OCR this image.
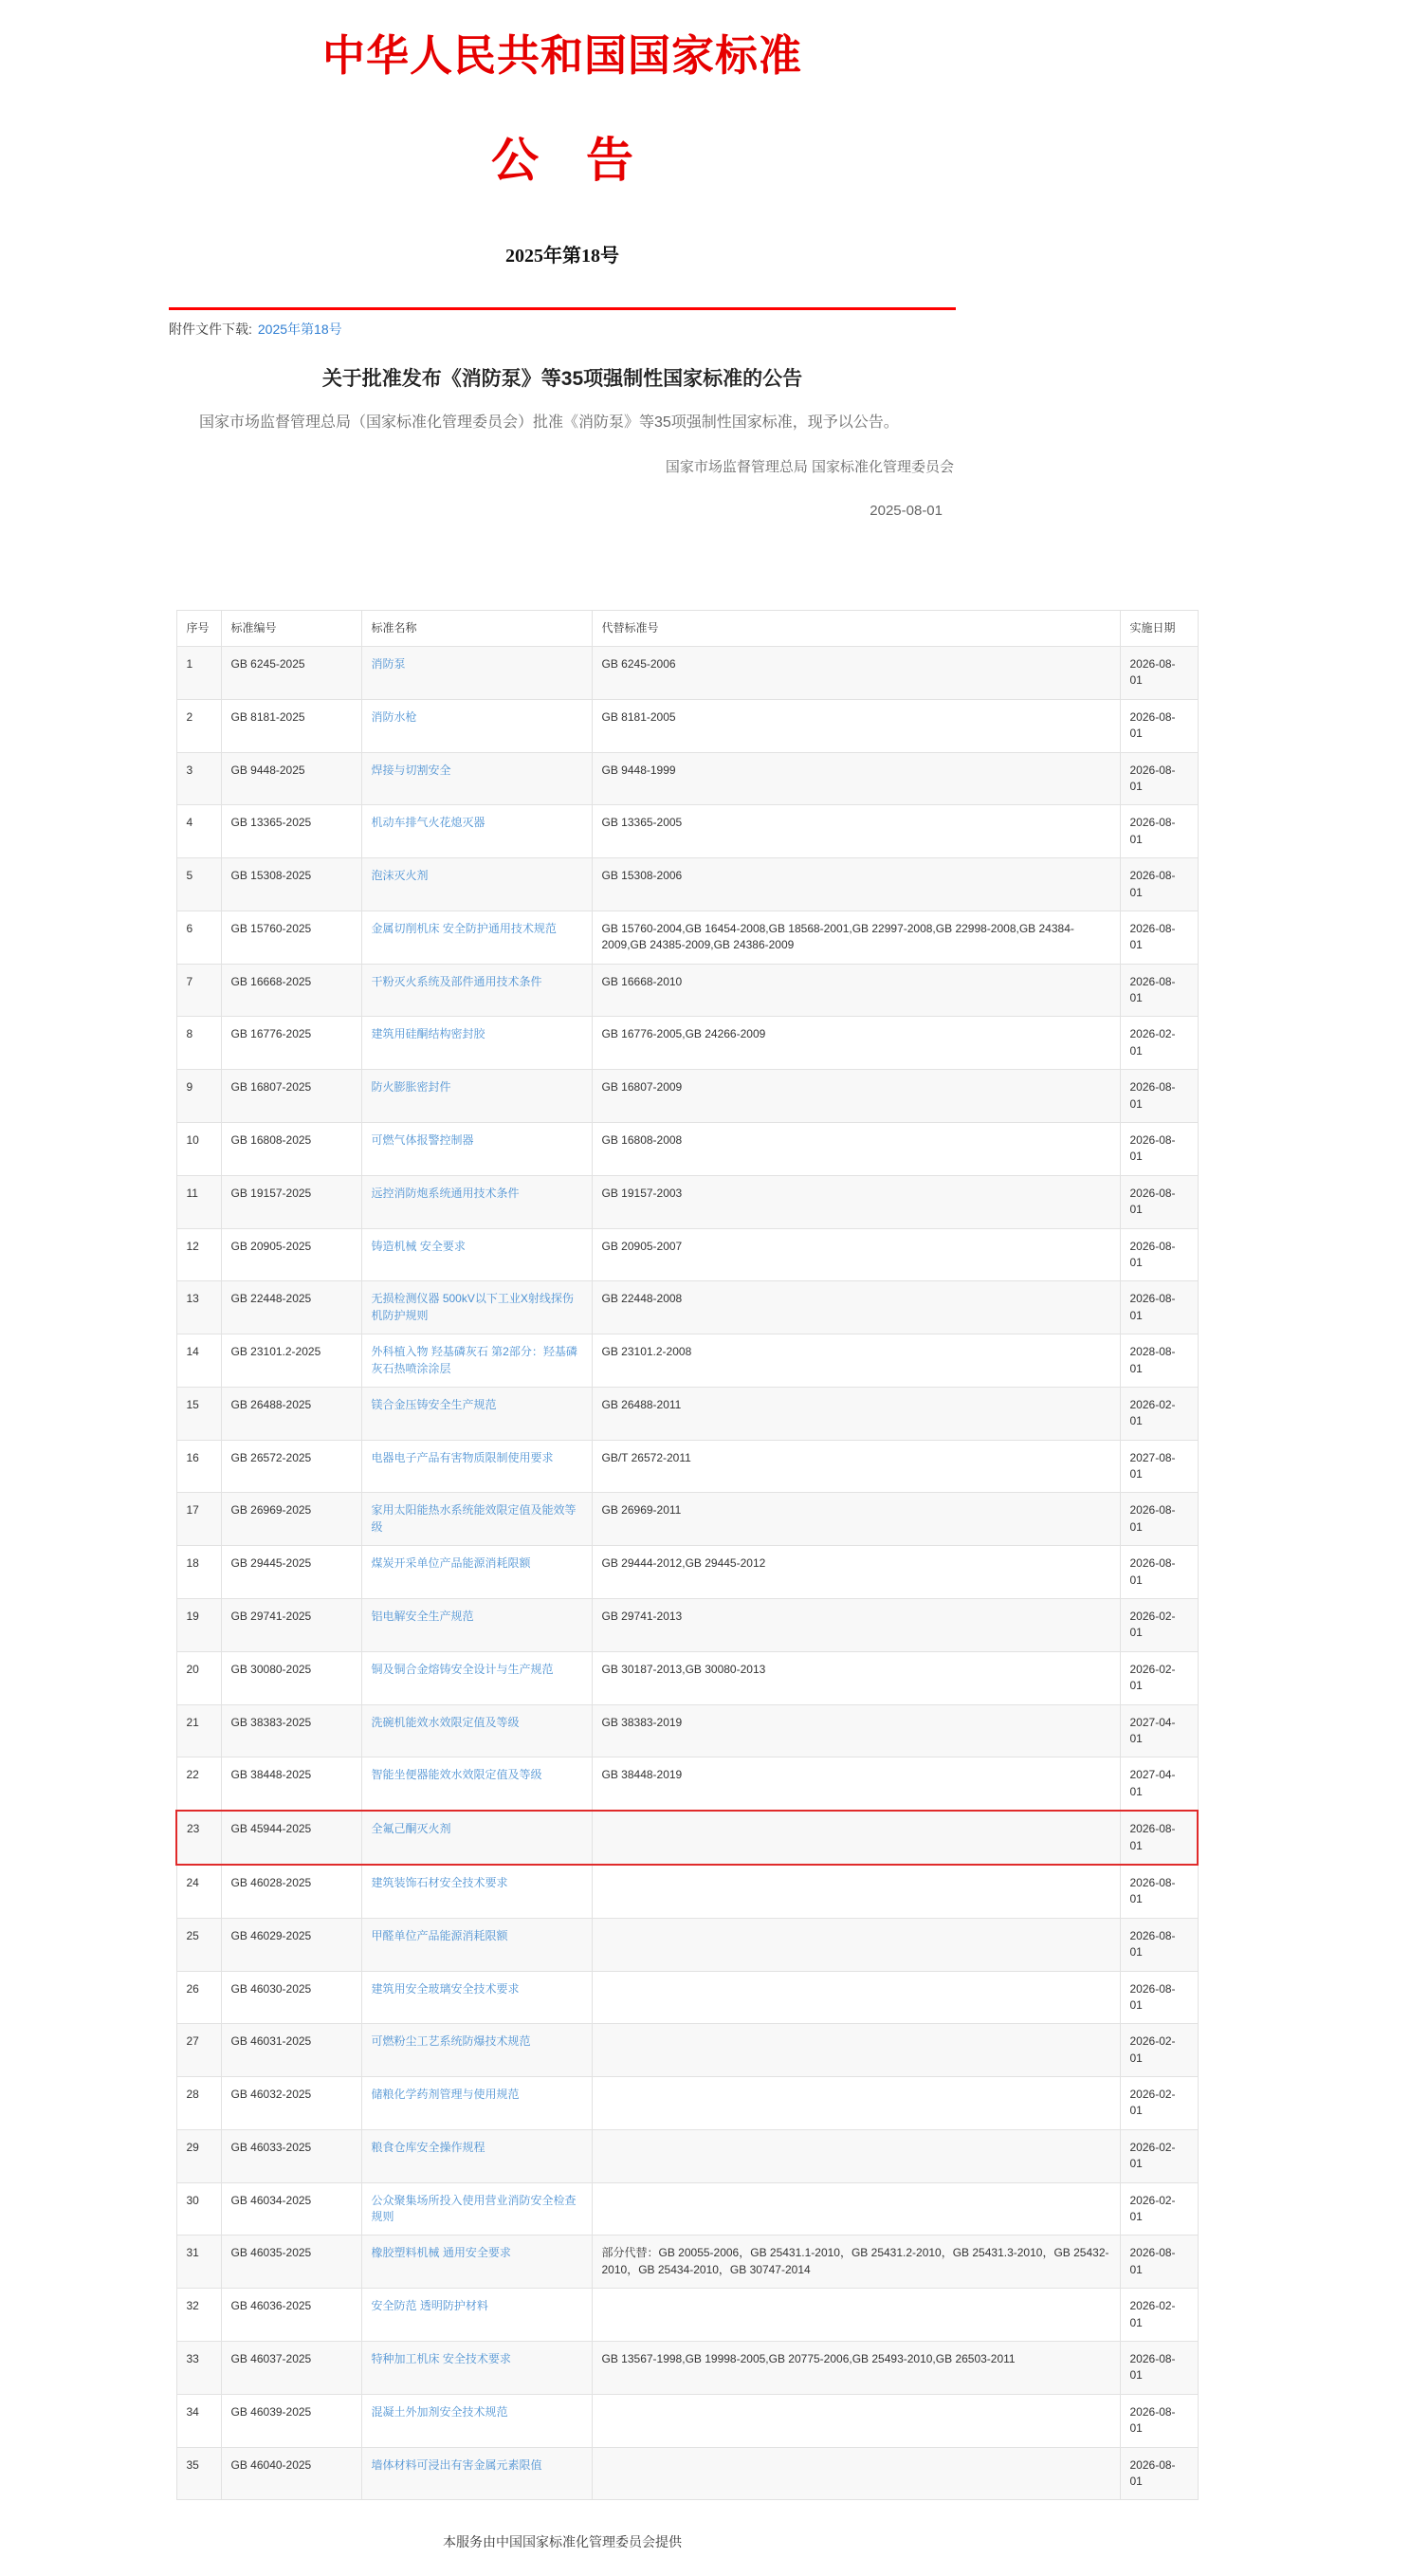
中华人民共和国国家标准
公　告
2025年第18号
附件文件下载: 2025年第18号
关于批准发布《消防泵》等35项强制性国家标准的公告
国家市场监督管理总局（国家标准化管理委员会）批准《消防泵》等35项强制性国家标准，现予以公告。
国家市场监督管理总局 国家标准化管理委员会
2025-08-01
序号	标准编号	标准名称	代替标准号	实施日期
1	GB 6245-2025	消防泵	GB 6245-2006	2026-08-01
2	GB 8181-2025	消防水枪	GB 8181-2005	2026-08-01
3	GB 9448-2025	焊接与切割安全	GB 9448-1999	2026-08-01
4	GB 13365-2025	机动车排气火花熄灭器	GB 13365-2005	2026-08-01
5	GB 15308-2025	泡沫灭火剂	GB 15308-2006	2026-08-01
6	GB 15760-2025	金属切削机床 安全防护通用技术规范	GB 15760-2004,GB 16454-2008,GB 18568-2001,GB 22997-2008,GB 22998-2008,GB 24384-2009,GB 24385-2009,GB 24386-2009	2026-08-01
7	GB 16668-2025	干粉灭火系统及部件通用技术条件	GB 16668-2010	2026-08-01
8	GB 16776-2025	建筑用硅酮结构密封胶	GB 16776-2005,GB 24266-2009	2026-02-01
9	GB 16807-2025	防火膨胀密封件	GB 16807-2009	2026-08-01
10	GB 16808-2025	可燃气体报警控制器	GB 16808-2008	2026-08-01
11	GB 19157-2025	远控消防炮系统通用技术条件	GB 19157-2003	2026-08-01
12	GB 20905-2025	铸造机械 安全要求	GB 20905-2007	2026-08-01
13	GB 22448-2025	无损检测仪器 500kV以下工业X射线探伤机防护规则	GB 22448-2008	2026-08-01
14	GB 23101.2-2025	外科植入物 羟基磷灰石 第2部分：羟基磷灰石热喷涂涂层	GB 23101.2-2008	2028-08-01
15	GB 26488-2025	镁合金压铸安全生产规范	GB 26488-2011	2026-02-01
16	GB 26572-2025	电器电子产品有害物质限制使用要求	GB/T 26572-2011	2027-08-01
17	GB 26969-2025	家用太阳能热水系统能效限定值及能效等级	GB 26969-2011	2026-08-01
18	GB 29445-2025	煤炭开采单位产品能源消耗限额	GB 29444-2012,GB 29445-2012	2026-08-01
19	GB 29741-2025	铝电解安全生产规范	GB 29741-2013	2026-02-01
20	GB 30080-2025	铜及铜合金熔铸安全设计与生产规范	GB 30187-2013,GB 30080-2013	2026-02-01
21	GB 38383-2025	洗碗机能效水效限定值及等级	GB 38383-2019	2027-04-01
22	GB 38448-2025	智能坐便器能效水效限定值及等级	GB 38448-2019	2027-04-01
23	GB 45944-2025	全氟己酮灭火剂		2026-08-01
24	GB 46028-2025	建筑装饰石材安全技术要求		2026-08-01
25	GB 46029-2025	甲醛单位产品能源消耗限额		2026-08-01
26	GB 46030-2025	建筑用安全玻璃安全技术要求		2026-08-01
27	GB 46031-2025	可燃粉尘工艺系统防爆技术规范		2026-02-01
28	GB 46032-2025	储粮化学药剂管理与使用规范		2026-02-01
29	GB 46033-2025	粮食仓库安全操作规程		2026-02-01
30	GB 46034-2025	公众聚集场所投入使用营业消防安全检查规则		2026-02-01
31	GB 46035-2025	橡胶塑料机械 通用安全要求	部分代替：GB 20055-2006，GB 25431.1-2010，GB 25431.2-2010，GB 25431.3-2010，GB 25432-2010，GB 25434-2010，GB 30747-2014	2026-08-01
32	GB 46036-2025	安全防范 透明防护材料		2026-02-01
33	GB 46037-2025	特种加工机床 安全技术要求	GB 13567-1998,GB 19998-2005,GB 20775-2006,GB 25493-2010,GB 26503-2011	2026-08-01
34	GB 46039-2025	混凝土外加剂安全技术规范		2026-08-01
35	GB 46040-2025	墙体材料可浸出有害金属元素限值		2026-08-01
本服务由中国国家标准化管理委员会提供
